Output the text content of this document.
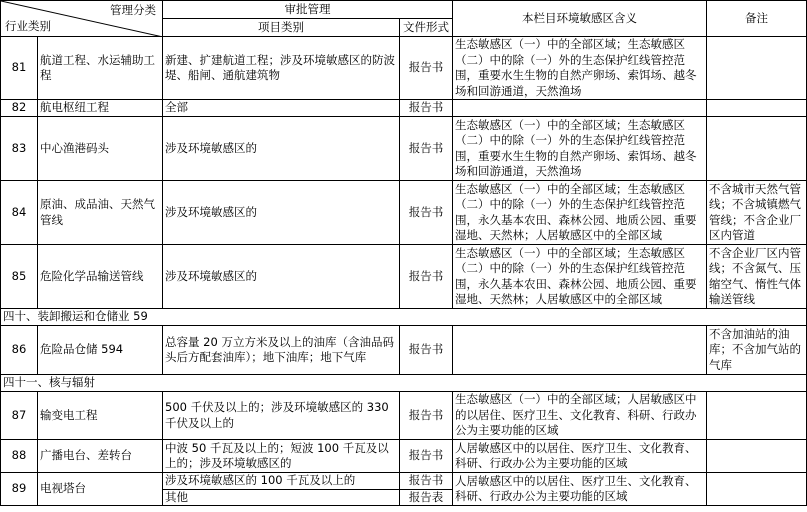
管理分类
行业类别		审批管理		本栏目环境敏感区含义	备注
		项目类别	文件形式		
81	航道工程、水运辅助工程	新建、扩建航道工程；涉及环境敏感区的防波堤、船闸、通航建筑物	报告书	生态敏感区（一）中的全部区域；生态敏感区（二）中的除（一）外的生态保护红线管控范围，重要水生生物的自然产卵场、索饵场、越冬场和回游通道，天然渔场	
82	航电枢纽工程	全部	报告书		
83	中心渔港码头	涉及环境敏感区的	报告书	生态敏感区（一）中的全部区域；生态敏感区（二）中的除（一）外的生态保护红线管控范围，重要水生生物的自然产卵场、索饵场、越冬场和回游通道，天然渔场	
84	原油、成品油、天然气管线	涉及环境敏感区的	报告书	生态敏感区（一）中的全部区域；生态敏感区（二）中的除（一）外的生态保护红线管控范围，永久基本农田、森林公园、地质公园、重要湿地、天然林；人居敏感区中的全部区域	不含城市天然气管线；不含城镇燃气管线；不含企业厂区内管道
85	危险化学品输送管线	涉及环境敏感区的	报告书	生态敏感区（一）中的全部区域；生态敏感区（二）中的除（一）外的生态保护红线管控范围，永久基本农田、森林公园、地质公园、重要湿地、天然林；人居敏感区中的全部区域	不含企业厂区内管线；不含氮气、压缩空气、惰性气体输送管线
四十、装卸搬运和仓储业 59					
86	危险品仓储 594	总容量 20 万立方米及以上的油库（含油品码头后方配套油库）；地下油库；地下气库	报告书		不含加油站的油库；不含加气站的气库
四十一、核与辐射					
87	输变电工程	500 千伏及以上的；涉及环境敏感区的 330 千伏及以上的	报告书	生态敏感区（一）中的全部区域；人居敏感区中的以居住、医疗卫生、文化教育、科研、行政办公为主要功能的区域	
88	广播电台、差转台	中波 50 千瓦及以上的；短波 100 千瓦及以上的；涉及环境敏感区的	报告书	人居敏感区中的以居住、医疗卫生、文化教育、科研、行政办公为主要功能的区域	
89	电视塔台	涉及环境敏感区的 100 千瓦及以上的	报告书	人居敏感区中的以居住、医疗卫生、文化教育、科研、行政办公为主要功能的区域	
		其他	报告表		
